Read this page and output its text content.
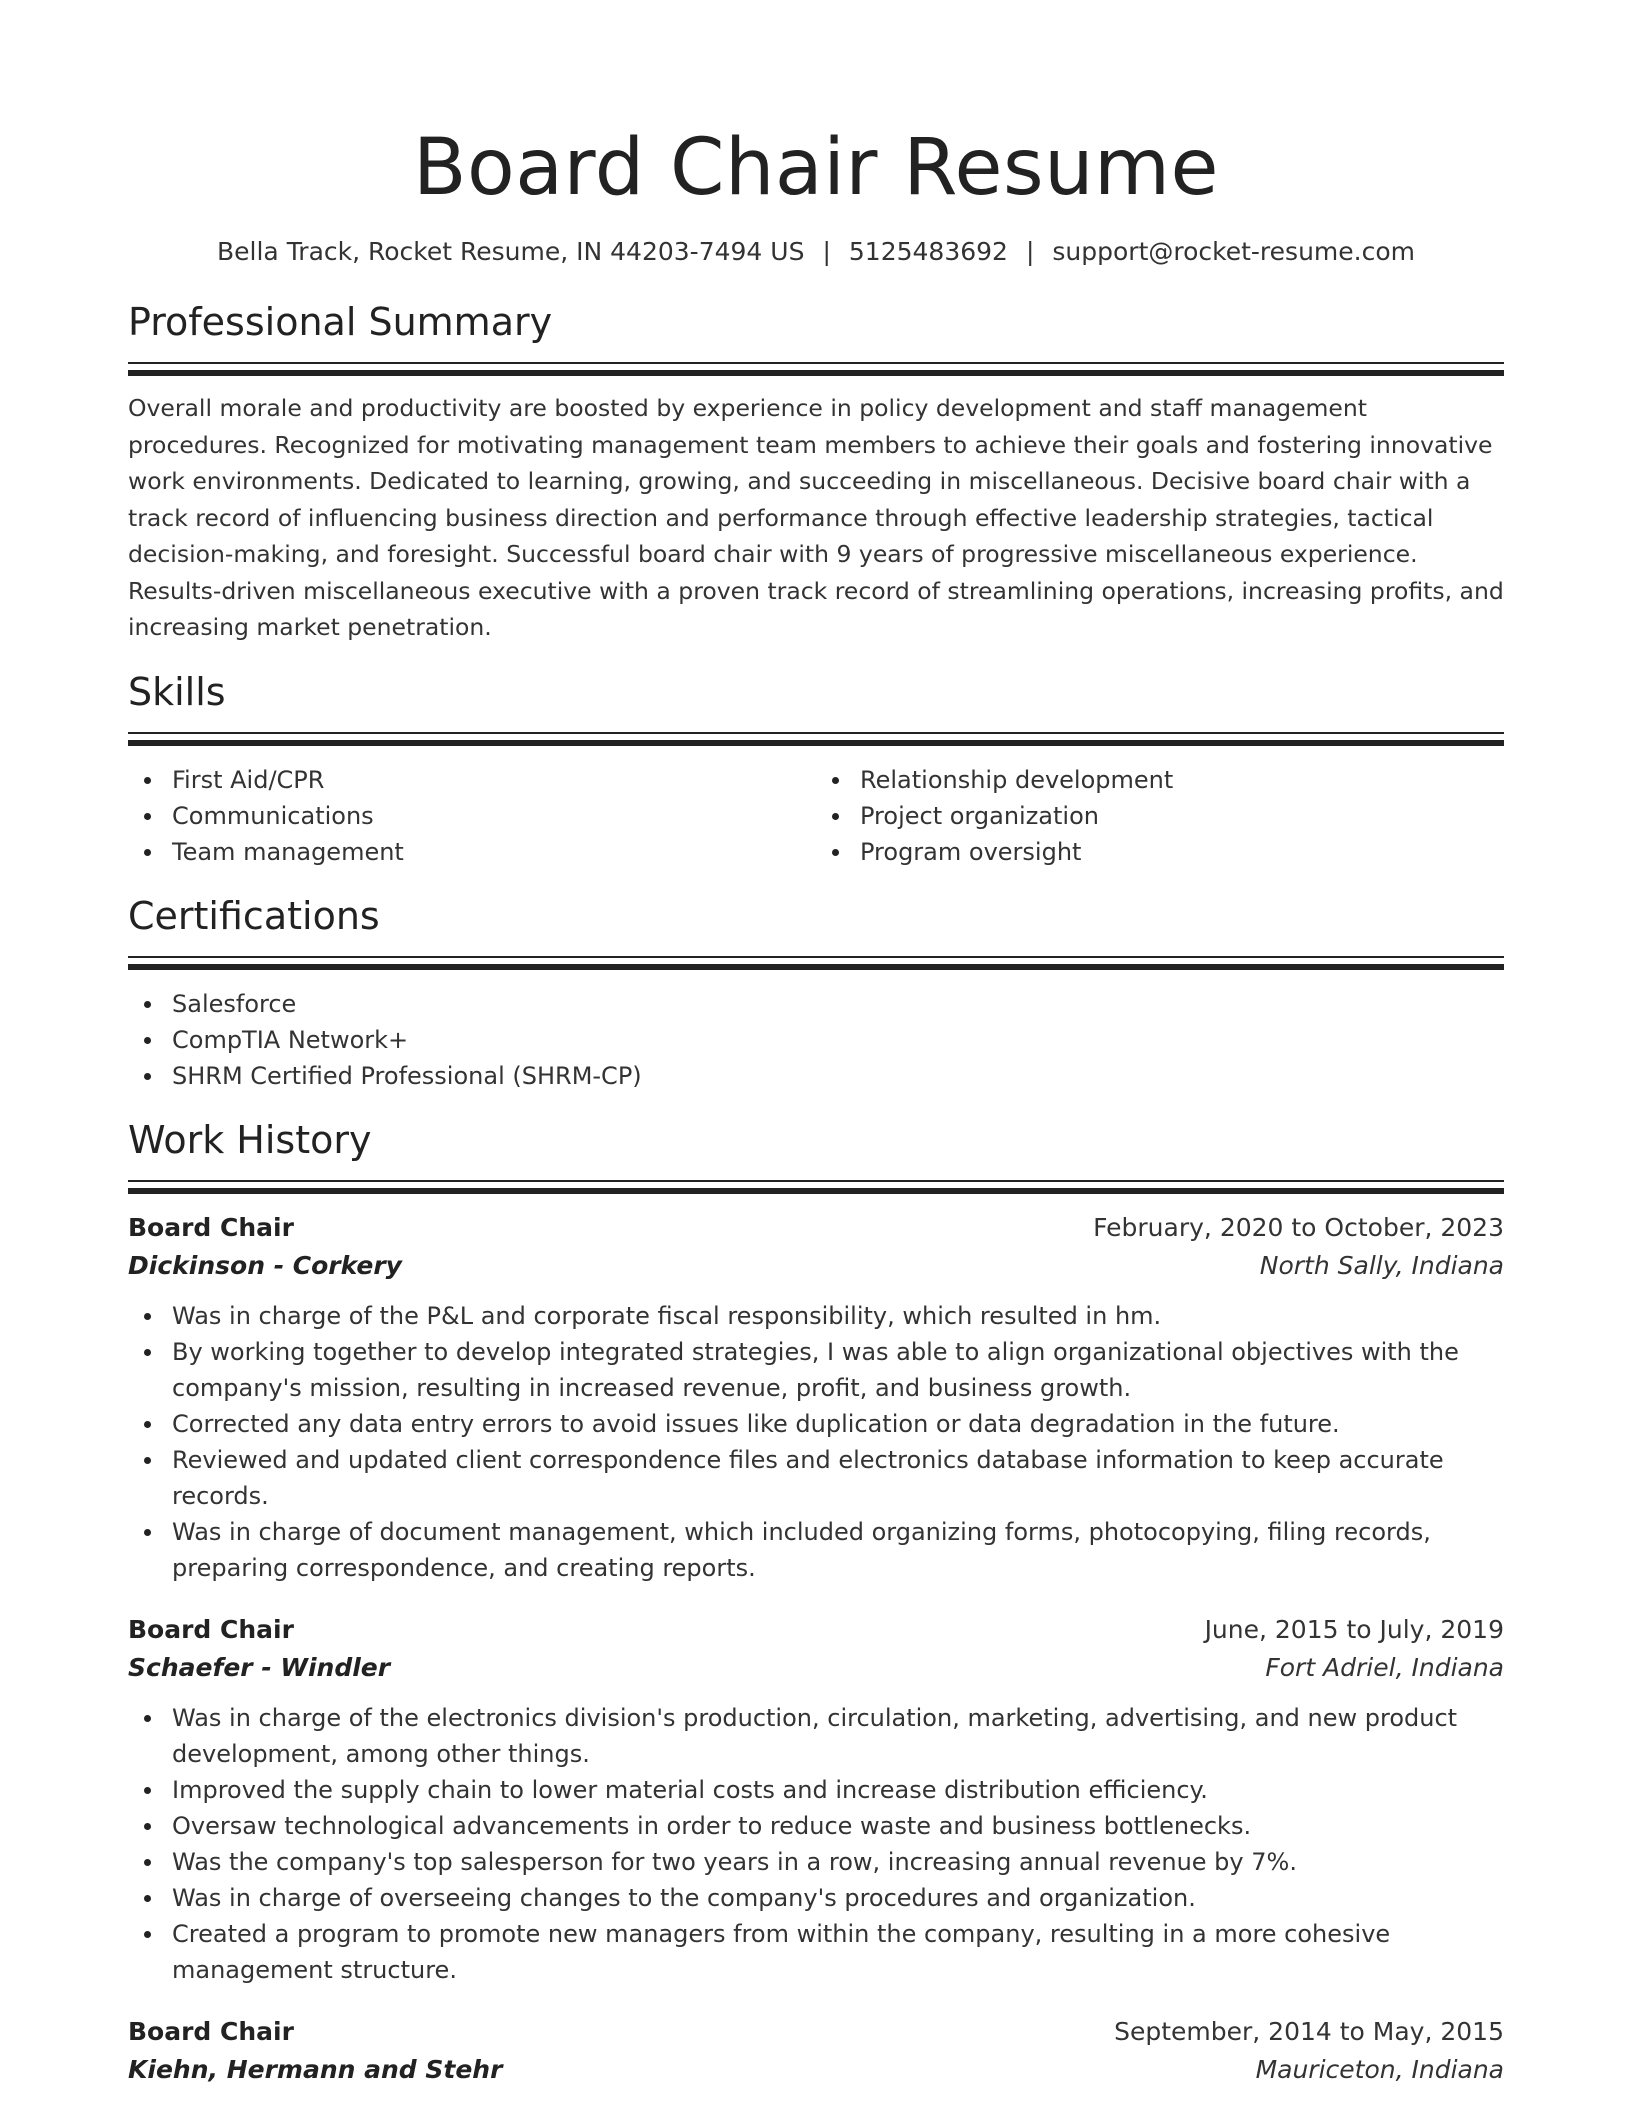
Board Chair Resume
Bella Track, Rocket Resume, IN 44203-7494 US | 5125483692 | support@rocket-resume.com
Professional Summary

Overall morale and productivity are boosted by experience in policy development and staff management procedures. Recognized for motivating management team members to achieve their goals and fostering innovative work environments. Dedicated to learning, growing, and succeeding in miscellaneous. Decisive board chair with a track record of influencing business direction and performance through effective leadership strategies, tactical decision-making, and foresight. Successful board chair with 9 years of progressive miscellaneous experience. Results-driven miscellaneous executive with a proven track record of streamlining operations, increasing profits, and increasing market penetration.

Skills
First Aid/CPR
Communications
Team management
Relationship development
Project organization
Program oversight
Certifications
Salesforce
CompTIA Network+
SHRM Certified Professional (SHRM-CP)
Work History
Board Chair	February, 2020 to October, 2023
Dickinson - Corkery	North Sally, Indiana
Was in charge of the P&L and corporate fiscal responsibility, which resulted in hm.
By working together to develop integrated strategies, I was able to align organizational objectives with the company's mission, resulting in increased revenue, profit, and business growth.
Corrected any data entry errors to avoid issues like duplication or data degradation in the future.
Reviewed and updated client correspondence files and electronics database information to keep accurate records.
Was in charge of document management, which included organizing forms, photocopying, filing records, preparing correspondence, and creating reports.
Board Chair	June, 2015 to July, 2019
Schaefer - Windler	Fort Adriel, Indiana
Was in charge of the electronics division's production, circulation, marketing, advertising, and new product development, among other things.
Improved the supply chain to lower material costs and increase distribution efficiency.
Oversaw technological advancements in order to reduce waste and business bottlenecks.
Was the company's top salesperson for two years in a row, increasing annual revenue by 7%.
Was in charge of overseeing changes to the company's procedures and organization.
Created a program to promote new managers from within the company, resulting in a more cohesive management structure.
Board Chair	September, 2014 to May, 2015
Kiehn, Hermann and Stehr	Mauriceton, Indiana
